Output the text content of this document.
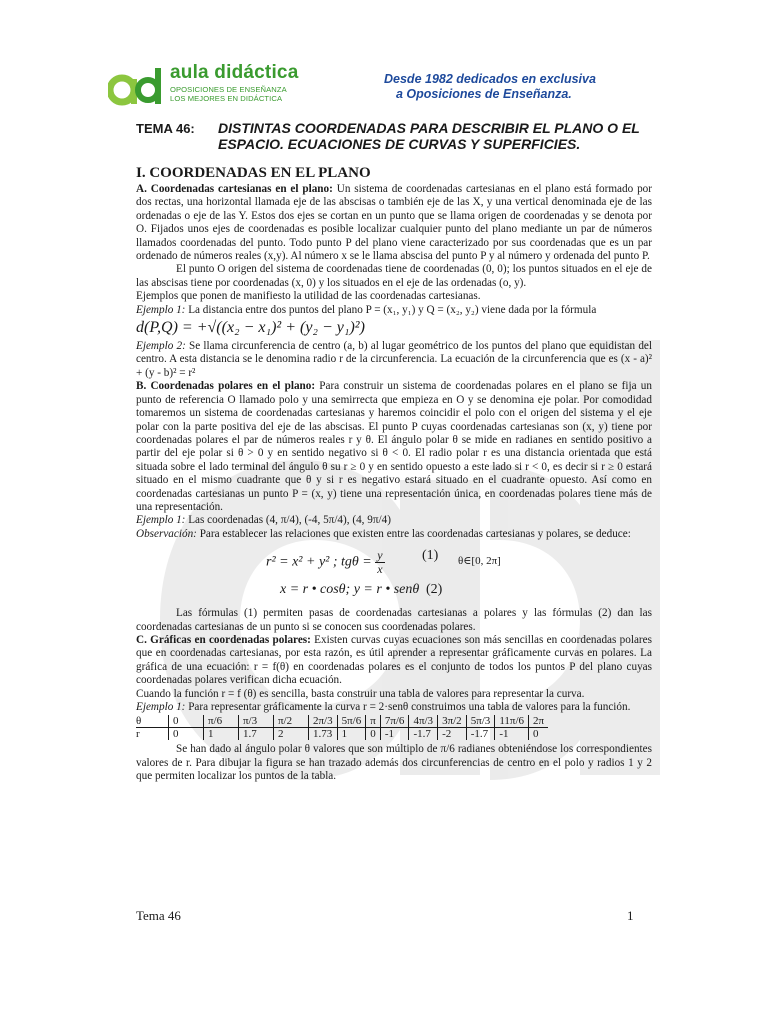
aula didáctica
OPOSICIONES DE ENSEÑANZA
LOS MEJORES EN DIDÁCTICA
Desde 1982 dedicados en exclusiva
a Oposiciones de Enseñanza.
TEMA 46: DISTINTAS COORDENADAS PARA DESCRIBIR EL PLANO O EL ESPACIO. ECUACIONES DE CURVAS Y SUPERFICIES.
I. COORDENADAS EN EL PLANO

A. Coordenadas cartesianas en el plano: Un sistema de coordenadas cartesianas en el plano está formado por dos rectas, una horizontal llamada eje de las abscisas o también eje de las X, y una vertical denominada eje de las ordenadas o eje de las Y. Estos dos ejes se cortan en un punto que se llama origen de coordenadas y se denota por O. Fijados unos ejes de coordenadas es posible localizar cualquier punto del plano mediante un par de números llamados coordenadas del punto. Todo punto P del plano viene caracterizado por sus coordenadas que es un par ordenado de números reales (x,y). Al número x se le llama abscisa del punto P y al número y ordenada del punto P.

El punto O origen del sistema de coordenadas tiene de coordenadas (0, 0); los puntos situados en el eje de las abscisas tiene por coordenadas (x, 0) y los situados en el eje de las ordenadas (o, y).

Ejemplos que ponen de manifiesto la utilidad de las coordenadas cartesianas.

Ejemplo 1: La distancia entre dos puntos del plano P = (x₁, y₁) y Q = (x₂, y₂) viene dada por la fórmula

d(P,Q) = +√((x₂ − x₁)² + (y₂ − y₁)²)

Ejemplo 2: Se llama circunferencia de centro (a, b) al lugar geométrico de los puntos del plano que equidistan del centro. A esta distancia se le denomina radio r de la circunferencia. La ecuación de la circunferencia que es (x - a)² + (y - b)² = r²

B. Coordenadas polares en el plano: Para construir un sistema de coordenadas polares en el plano se fija un punto de referencia O llamado polo y una semirrecta que empieza en O y se denomina eje polar. Por comodidad tomaremos un sistema de coordenadas cartesianas y haremos coincidir el polo con el origen del sistema y el eje polar con la parte positiva del eje de las abscisas. El punto P cuyas coordenadas cartesianas son (x, y) tiene por coordenadas polares el par de números reales r y θ. El ángulo polar θ se mide en radianes en sentido positivo a partir del eje polar si θ > 0 y en sentido negativo si θ < 0. El radio polar r es una distancia orientada que está situada sobre el lado terminal del ángulo θ su r ≥ 0 y en sentido opuesto a este lado si r < 0, es decir si r ≥ 0 estará situado en el mismo cuadrante que θ y si r es negativo estará situado en el cuadrante opuesto. Así como en coordenadas cartesianas un punto P = (x, y) tiene una representación única, en coordenadas polares tiene más de una representación.

Ejemplo 1: Las coordenadas (4, π/4), (-4, 5π/4), (4, 9π/4)

Observación: Para establecer las relaciones que existen entre las coordenadas cartesianas y polares, se deduce:

r² = x² + y² ; $tg\theta = \frac{y}{x}$	(1) θ∈[0, 2π]
x = r • cosθ; y = r • senθ (2)

Las fórmulas (1) permiten pasas de coordenadas cartesianas a polares y las fórmulas (2) dan las coordenadas cartesianas de un punto si se conocen sus coordenadas polares.

C. Gráficas en coordenadas polares: Existen curvas cuyas ecuaciones son más sencillas en coordenadas polares que en coordenadas cartesianas, por esta razón, es útil aprender a representar gráficamente curvas en polares. La gráfica de una ecuación: r = f(θ) en coordenadas polares es el conjunto de todos los puntos P del plano cuyas coordenadas polares verifican dicha ecuación.

Cuando la función r = f (θ) es sencilla, basta construir una tabla de valores para representar la curva.

Ejemplo 1: Para representar gráficamente la curva r = 2·senθ construimos una tabla de valores para la función.

θ	0	π/6	π/3	π/2	2π/3	5π/6	π	7π/6	4π/3	3π/2	5π/3	11π/6	2π
r	0	1	1.7	2	1.73	1	0	-1	-1.7	-2	-1.7	-1	0

Se han dado al ángulo polar θ valores que son múltiplo de π/6 radianes obteniéndose los correspondientes valores de r. Para dibujar la figura se han trazado además dos circunferencias de centro en el polo y radios 1 y 2 que permiten localizar los puntos de la tabla.

Tema 46	1
